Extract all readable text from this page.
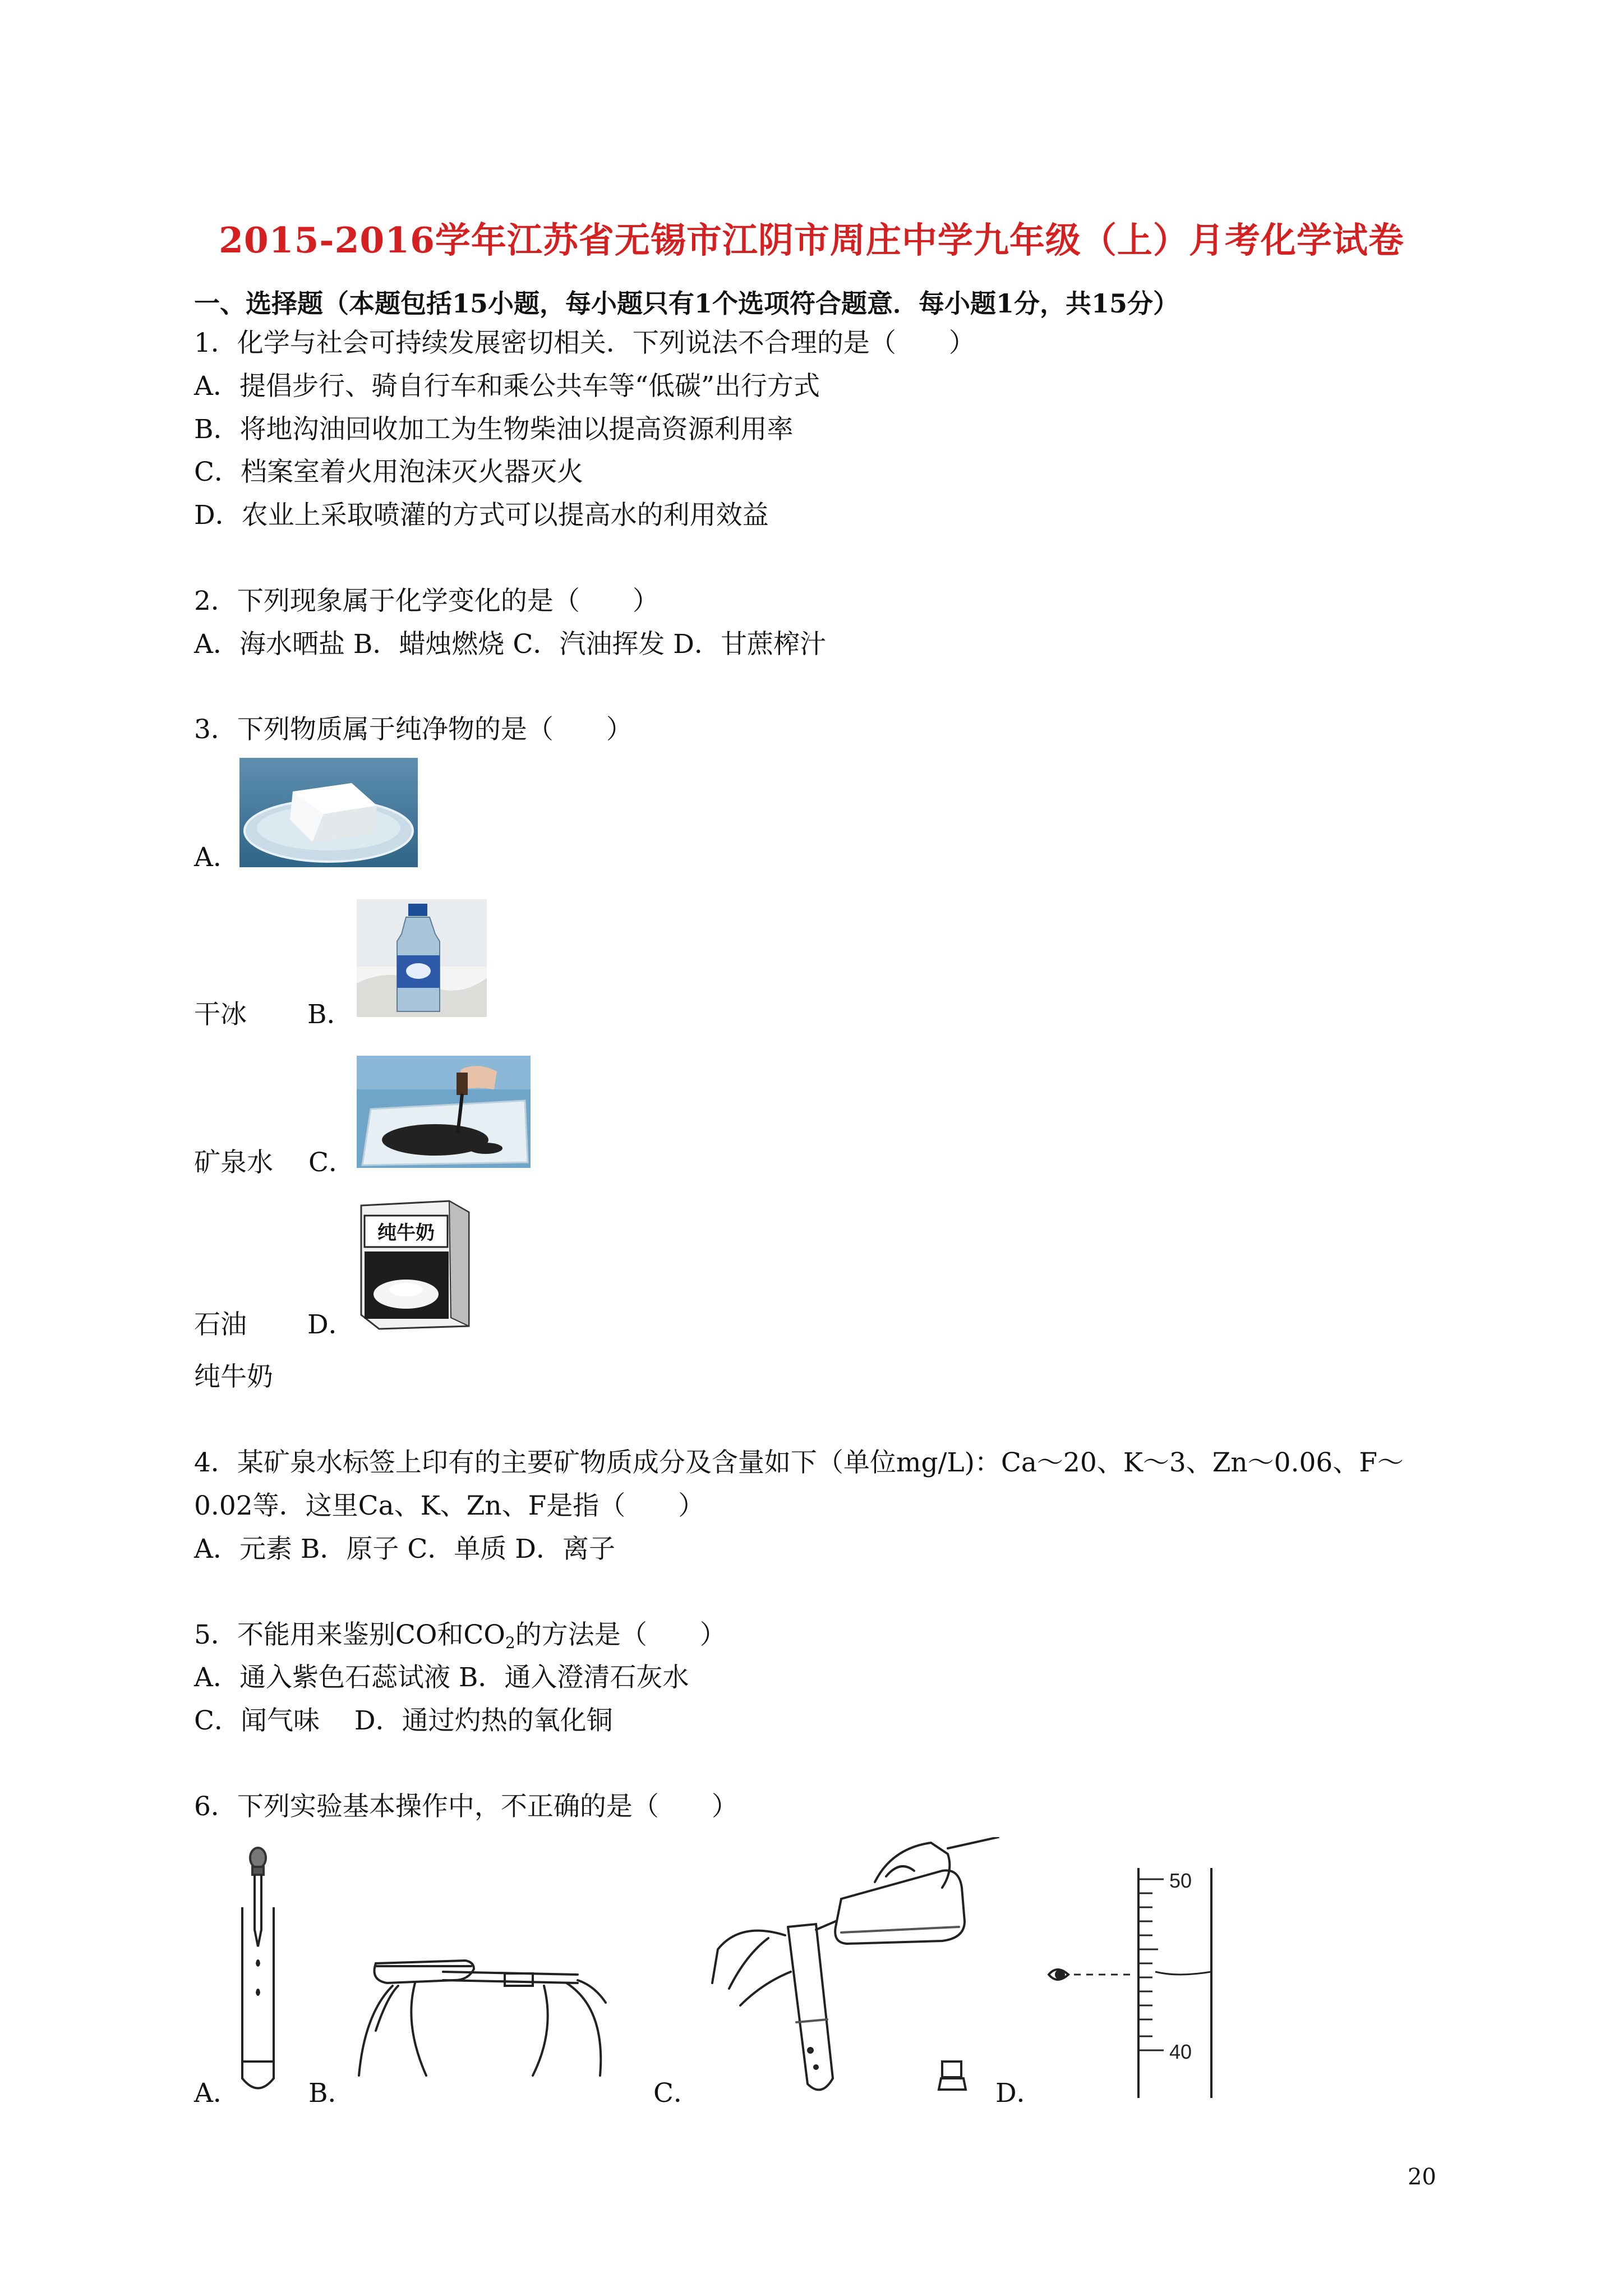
2015-2016学年江苏省无锡市江阴市周庄中学九年级（上）月考化学试卷
一、选择题（本题包括15小题，每小题只有1个选项符合题意．每小题1分，共15分）
1．化学与社会可持续发展密切相关．下列说法不合理的是（　　）
A．提倡步行、骑自行车和乘公共车等“低碳”出行方式
B．将地沟油回收加工为生物柴油以提高资源利用率
C．档案室着火用泡沫灭火器灭火
D．农业上采取喷灌的方式可以提高水的利用效益
2．下列现象属于化学变化的是（　　）
A．海水晒盐 B．蜡烛燃烧 C．汽油挥发 D．甘蔗榨汁
3．下列物质属于纯净物的是（　　）
A．
干冰 B．
矿泉水 C．
纯牛奶
石油 D．
纯牛奶
4．某矿泉水标签上印有的主要矿物质成分及含量如下（单位mg/L)：Ca～20、K～3、Zn～0.06、F～
0.02等．这里Ca、K、Zn、F是指（　　）
A．元素 B．原子 C．单质 D．离子
5．不能用来鉴别CO和$CO_2$的方法是（　　）
A．通入紫色石蕊试液 B．通入澄清石灰水
C．闻气味　 D．通过灼热的氧化铜
6．下列实验基本操作中，不正确的是（　　）
A．	B．	C．
50
40
D．
20
